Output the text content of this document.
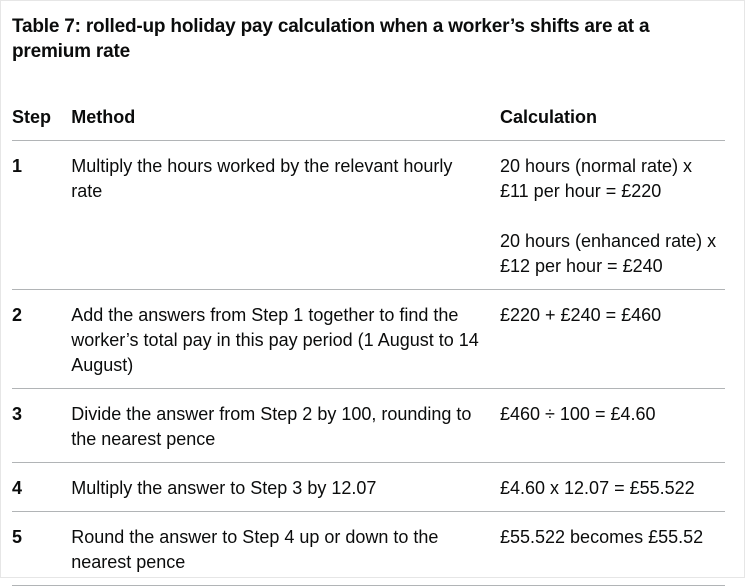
Table 7: rolled-up holiday pay calculation when a worker’s shifts are at a premium rate
Step	Method	Calculation
1	Multiply the hours worked by the relevant hourly rate	20 hours (normal rate) x £11 per hour = £220
20 hours (enhanced rate) x £12 per hour = £240

2	Add the answers from Step 1 together to find the worker’s total pay in this pay period (1 August to 14 August)	£220 + £240 = £460

3	Divide the answer from Step 2 by 100, rounding to the nearest pence	£460 ÷ 100 = £4.60

4	Multiply the answer to Step 3 by 12.07	£4.60 x 12.07 = £55.522

5	Round the answer to Step 4 up or down to the nearest pence	£55.522 becomes £55.52
